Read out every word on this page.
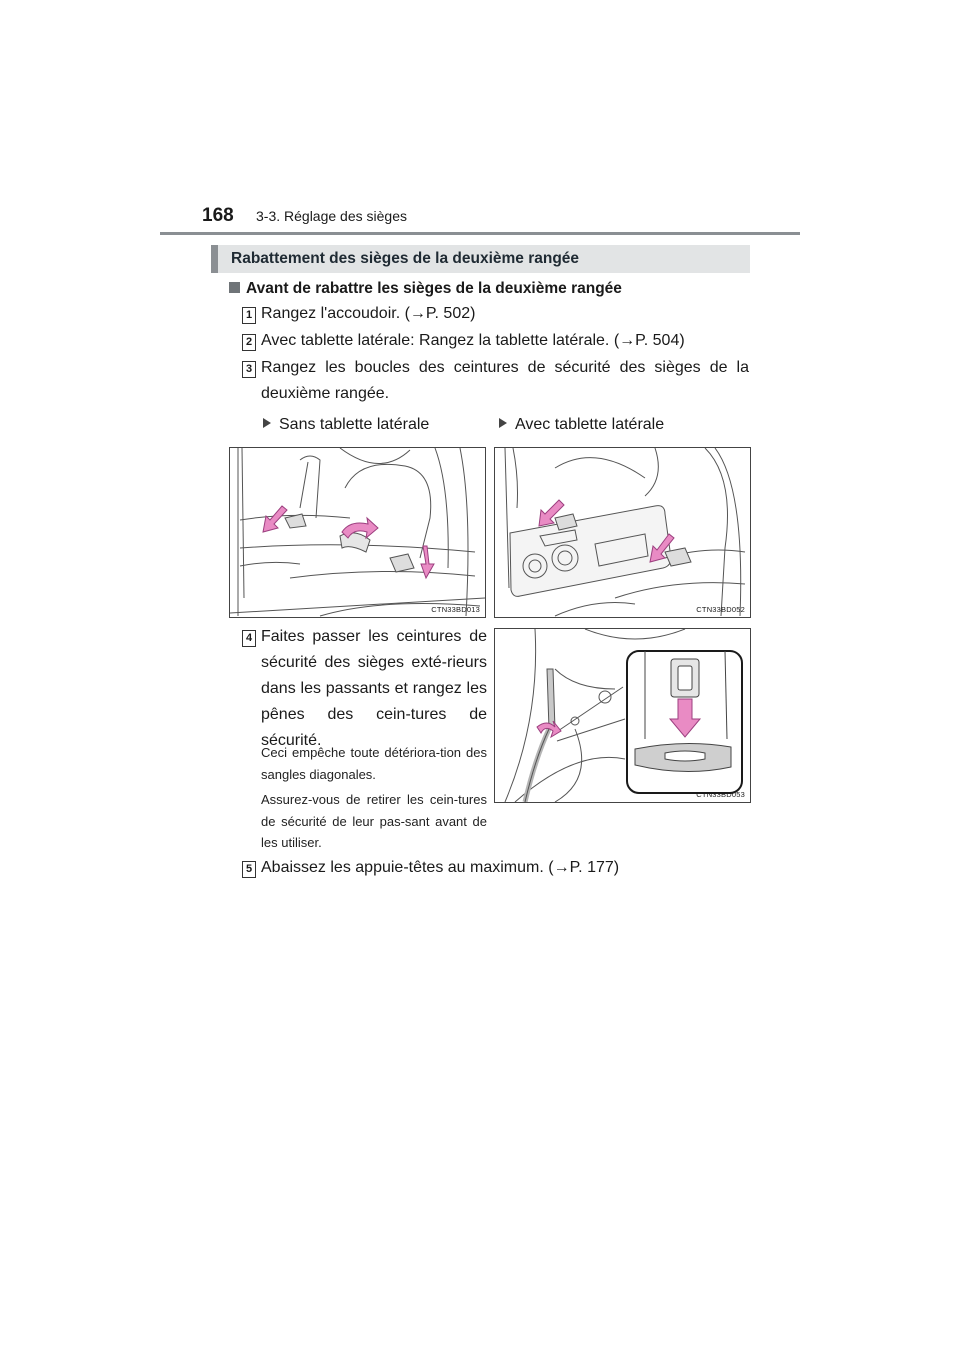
168 3-3. Réglage des sièges
Rabattement des sièges de la deuxième rangée
Avant de rabattre les sièges de la deuxième rangée
1 Rangez l'accoudoir. (→P. 502)
2 Avec tablette latérale: Rangez la tablette latérale. (→P. 504)
3 Rangez les boucles des ceintures de sécurité des sièges de la deuxième rangée.
Sans tablette latérale	Avec tablette latérale
CTN33BD013	CTN33BD052
4 Faites passer les ceintures de sécurité des sièges exté-rieurs dans les passants et rangez les pênes des cein-tures de sécurité.
Ceci empêche toute détériora-tion des sangles diagonales.
Assurez-vous de retirer les cein-tures de sécurité de leur pas-sant avant de les utiliser.
CTN33BD053
5 Abaissez les appuie-têtes au maximum. (→P. 177)
